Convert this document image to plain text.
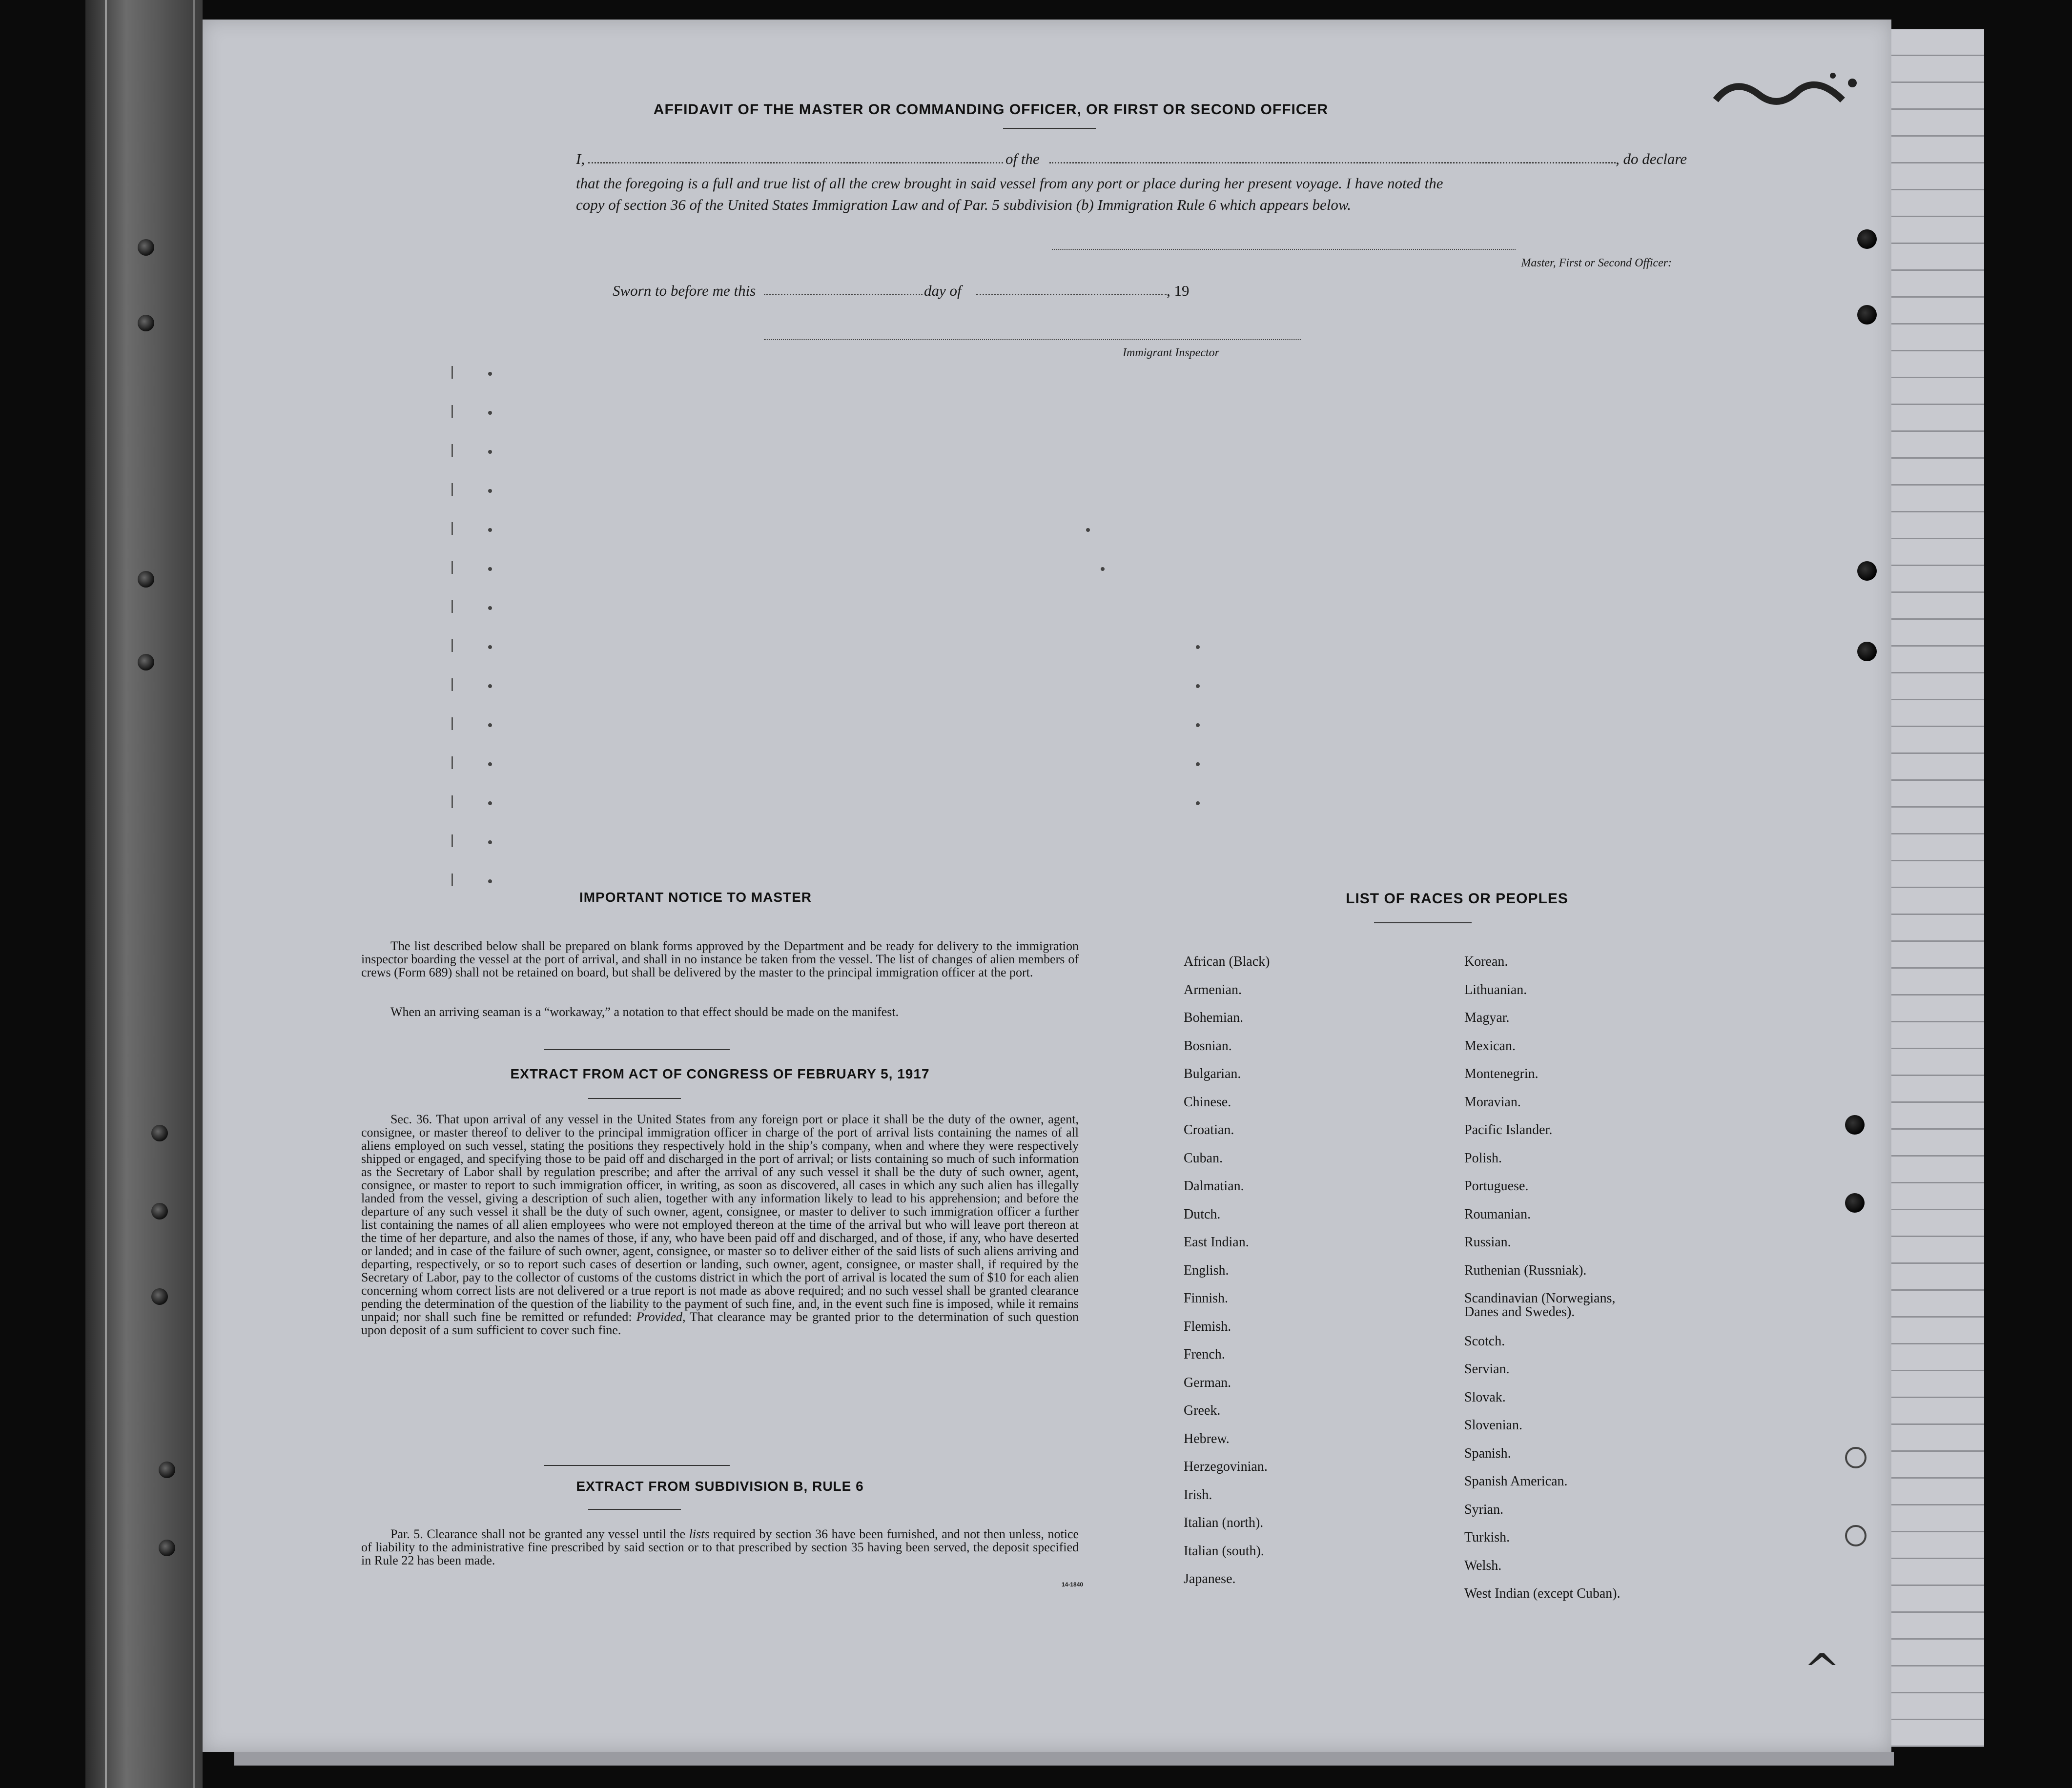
AFFIDAVIT OF THE MASTER OR COMMANDING OFFICER, OR FIRST OR SECOND OFFICER
I,	of the	, do declare
that the foregoing is a full and true list of all the crew brought in said vessel from any port or place during her present voyage. I have noted the
copy of section 36 of the United States Immigration Law and of Par. 5 subdivision (b) Immigration Rule 6 which appears below.
Master, First or Second Officer:
Sworn to before me this	day of	, 19
Immigrant Inspector
IMPORTANT NOTICE TO MASTER
The list described below shall be prepared on blank forms approved by the Department and be ready for delivery to the immigration inspector boarding the vessel at the port of arrival, and shall in no instance be taken from the vessel. The list of changes of alien members of crews (Form 689) shall not be retained on board, but shall be delivered by the master to the principal immigration officer at the port.
When an arriving seaman is a “workaway,” a notation to that effect should be made on the manifest.
EXTRACT FROM ACT OF CONGRESS OF FEBRUARY 5, 1917
Sec. 36. That upon arrival of any vessel in the United States from any foreign port or place it shall be the duty of the owner, agent, consignee, or master thereof to deliver to the principal immigration officer in charge of the port of arrival lists containing the names of all aliens employed on such vessel, stating the positions they respectively hold in the ship’s company, when and where they were respectively shipped or engaged, and specifying those to be paid off and discharged in the port of arrival; or lists containing so much of such information as the Secretary of Labor shall by regulation prescribe; and after the arrival of any such vessel it shall be the duty of such owner, agent, consignee, or master to report to such immigration officer, in writing, as soon as discovered, all cases in which any such alien has illegally landed from the vessel, giving a description of such alien, together with any information likely to lead to his apprehension; and before the departure of any such vessel it shall be the duty of such owner, agent, consignee, or master to deliver to such immigration officer a further list containing the names of all alien employees who were not employed thereon at the time of the arrival but who will leave port thereon at the time of her departure, and also the names of those, if any, who have been paid off and discharged, and of those, if any, who have deserted or landed; and in case of the failure of such owner, agent, consignee, or master so to deliver either of the said lists of such aliens arriving and departing, respectively, or so to report such cases of desertion or landing, such owner, agent, consignee, or master shall, if required by the Secretary of Labor, pay to the collector of customs of the customs district in which the port of arrival is located the sum of $10 for each alien concerning whom correct lists are not delivered or a true report is not made as above required; and no such vessel shall be granted clearance pending the determination of the question of the liability to the payment of such fine, and, in the event such fine is imposed, while it remains unpaid; nor shall such fine be remitted or refunded: Provided, That clearance may be granted prior to the determination of such question upon deposit of a sum sufficient to cover such fine.
EXTRACT FROM SUBDIVISION B, RULE 6
Par. 5. Clearance shall not be granted any vessel until the lists required by section 36 have been furnished, and not then unless, notice of liability to the administrative fine prescribed by said section or to that prescribed by section 35 having been served, the deposit specified in Rule 22 has been made.
14-1840
LIST OF RACES OR PEOPLES
African (Black)
Armenian.
Bohemian.
Bosnian.
Bulgarian.
Chinese.
Croatian.
Cuban.
Dalmatian.
Dutch.
East Indian.
English.
Finnish.
Flemish.
French.
German.
Greek.
Hebrew.
Herzegovinian.
Irish.
Italian (north).
Italian (south).
Japanese.
Korean.
Lithuanian.
Magyar.
Mexican.
Montenegrin.
Moravian.
Pacific Islander.
Polish.
Portuguese.
Roumanian.
Russian.
Ruthenian (Russniak).
Scandinavian (Norwegians,
Danes and Swedes).
Scotch.
Servian.
Slovak.
Slovenian.
Spanish.
Spanish American.
Syrian.
Turkish.
Welsh.
West Indian (except Cuban).
^
